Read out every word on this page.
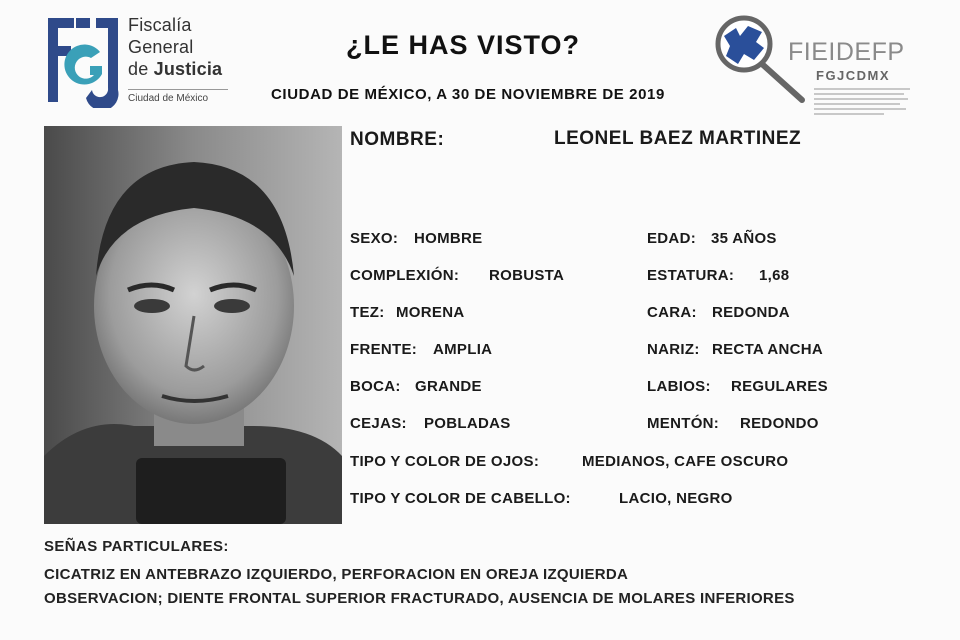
Fiscalía
General
de Justicia
Ciudad de México
¿LE HAS VISTO?
CIUDAD DE MÉXICO, A 30 DE NOVIEMBRE DE 2019
FIEIDEFP
FGJCDMX
NOMBRE:	LEONEL BAEZ MARTINEZ
SEXO: HOMBRE	EDAD: 35 AÑOS
COMPLEXIÓN: ROBUSTA	ESTATURA: 1,68
TEZ: MORENA	CARA: REDONDA
FRENTE: AMPLIA	NARIZ: RECTA ANCHA
BOCA: GRANDE	LABIOS: REGULARES
CEJAS: POBLADAS	MENTÓN: REDONDO
TIPO Y COLOR DE OJOS:	MEDIANOS, CAFE OSCURO
TIPO Y COLOR DE CABELLO:	LACIO, NEGRO
SEÑAS PARTICULARES:
CICATRIZ EN ANTEBRAZO IZQUIERDO, PERFORACION EN OREJA IZQUIERDA
OBSERVACION; DIENTE FRONTAL SUPERIOR FRACTURADO, AUSENCIA DE MOLARES INFERIORES
